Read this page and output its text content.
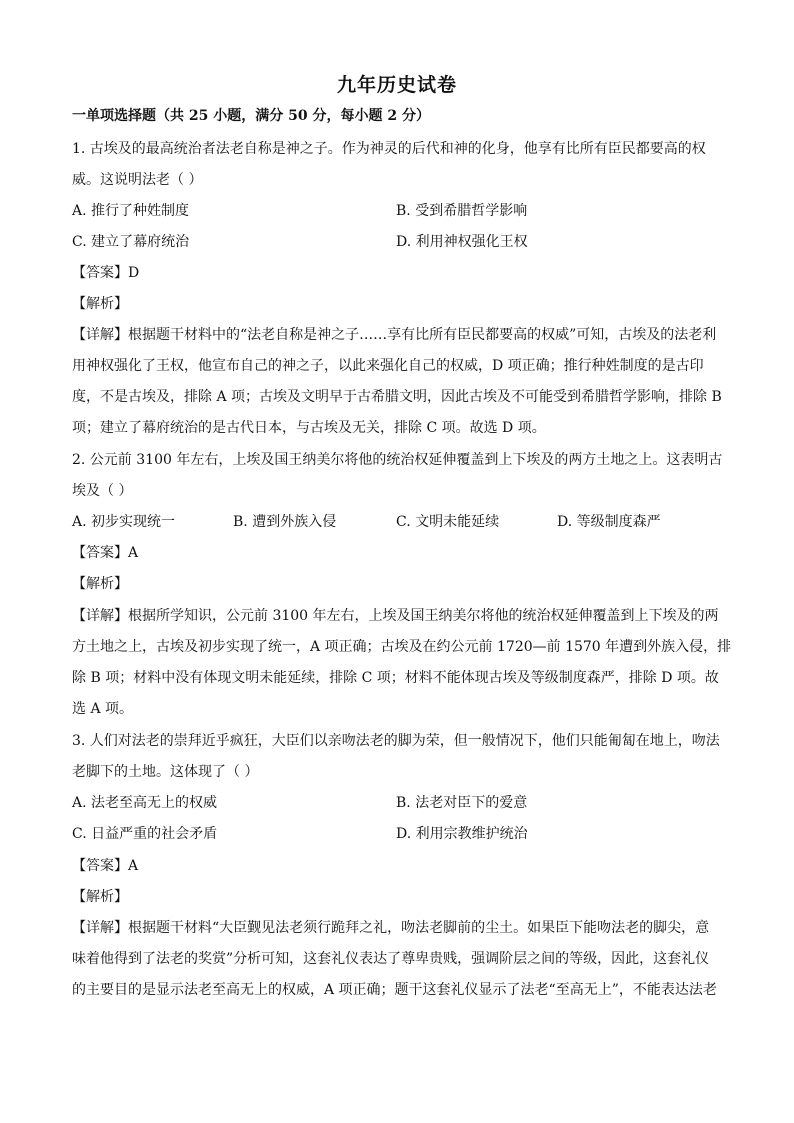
九年历史试卷
一单项选择题（共 25 小题，满分 50 分，每小题 2 分）
1. 古埃及的最高统治者法老自称是神之子。作为神灵的后代和神的化身，他享有比所有臣民都要高的权
威。这说明法老（ ）
A. 推行了种姓制度	B. 受到希腊哲学影响
C. 建立了幕府统治	D. 利用神权强化王权
【答案】D
【解析】
【详解】根据题干材料中的“法老自称是神之子……享有比所有臣民都要高的权威”可知，古埃及的法老利
用神权强化了王权，他宣布自己的神之子，以此来强化自己的权威，D 项正确；推行种姓制度的是古印
度，不是古埃及，排除 A 项；古埃及文明早于古希腊文明，因此古埃及不可能受到希腊哲学影响，排除 B
项；建立了幕府统治的是古代日本，与古埃及无关，排除 C 项。故选 D 项。
2. 公元前 3100 年左右，上埃及国王纳美尔将他的统治权延伸覆盖到上下埃及的两方土地之上。这表明古
埃及（ ）
A. 初步实现统一	B. 遭到外族入侵	C. 文明未能延续	D. 等级制度森严
【答案】A
【解析】
【详解】根据所学知识，公元前 3100 年左右，上埃及国王纳美尔将他的统治权延伸覆盖到上下埃及的两
方土地之上，古埃及初步实现了统一，A 项正确；古埃及在约公元前 1720—前 1570 年遭到外族入侵，排
除 B 项；材料中没有体现文明未能延续，排除 C 项；材料不能体现古埃及等级制度森严，排除 D 项。故
选 A 项。
3. 人们对法老的崇拜近乎疯狂，大臣们以亲吻法老的脚为荣，但一般情况下，他们只能匍匐在地上，吻法
老脚下的土地。这体现了（ ）
A. 法老至高无上的权威	B. 法老对臣下的爱意
C. 日益严重的社会矛盾	D. 利用宗教维护统治
【答案】A
【解析】
【详解】根据题干材料“大臣觐见法老须行跪拜之礼，吻法老脚前的尘土。如果臣下能吻法老的脚尖，意
味着他得到了法老的奖赏”分析可知，这套礼仪表达了尊卑贵贱，强调阶层之间的等级，因此，这套礼仪
的主要目的是显示法老至高无上的权威，A 项正确；题干这套礼仪显示了法老“至高无上”，不能表达法老
